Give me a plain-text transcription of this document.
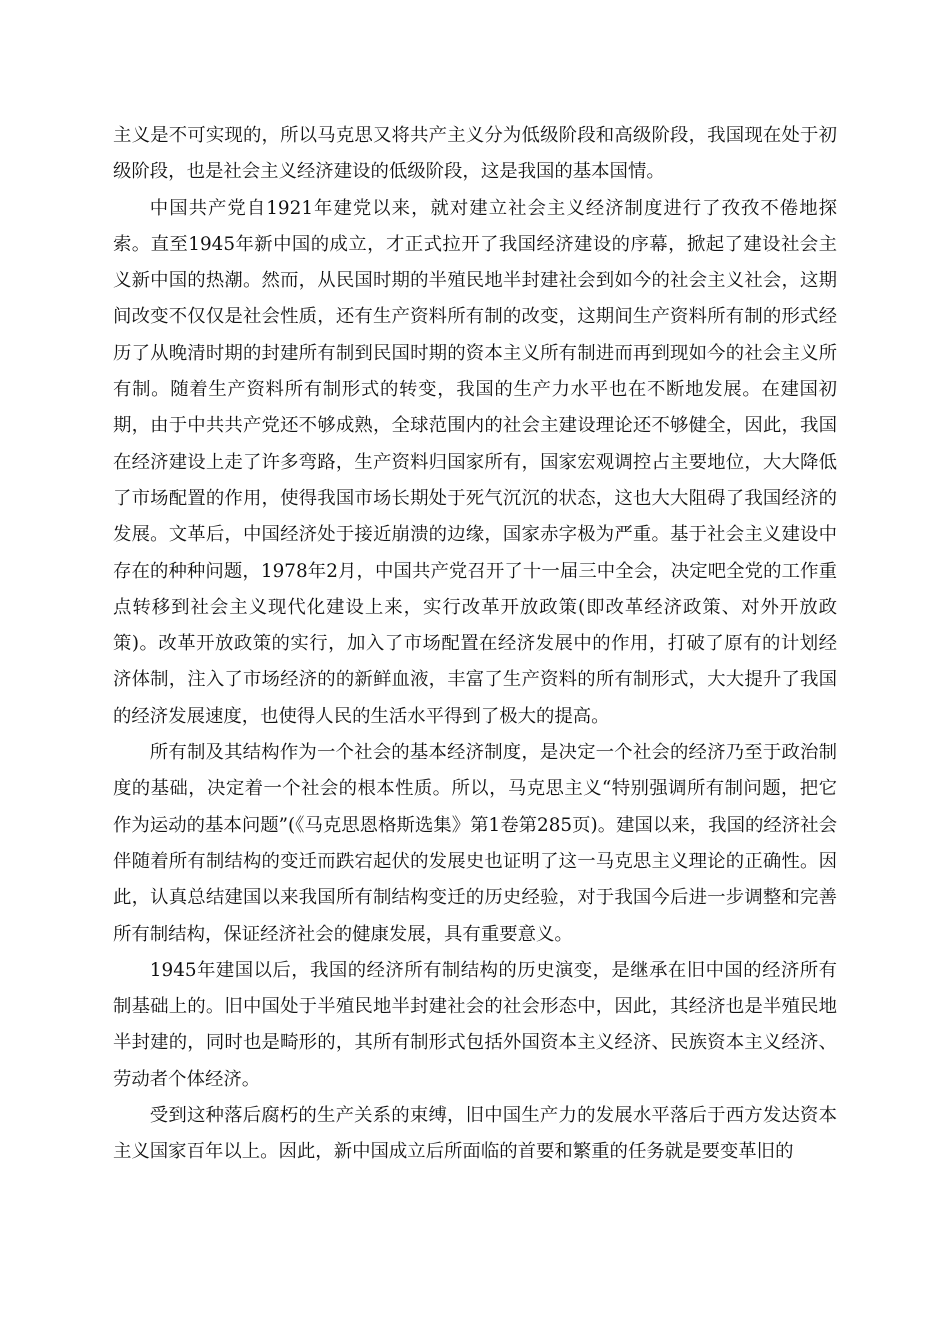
主义是不可实现的，所以马克思又将共产主义分为低级阶段和高级阶段，我国现在处于初级阶段，也是社会主义经济建设的低级阶段，这是我国的基本国情。

中国共产党自1921年建党以来，就对建立社会主义经济制度进行了孜孜不倦地探索。直至1945年新中国的成立，才正式拉开了我国经济建设的序幕，掀起了建设社会主义新中国的热潮。然而，从民国时期的半殖民地半封建社会到如今的社会主义社会，这期间改变不仅仅是社会性质，还有生产资料所有制的改变，这期间生产资料所有制的形式经历了从晚清时期的封建所有制到民国时期的资本主义所有制进而再到现如今的社会主义所有制。随着生产资料所有制形式的转变，我国的生产力水平也在不断地发展。在建国初期，由于中共共产党还不够成熟，全球范围内的社会主建设理论还不够健全，因此，我国在经济建设上走了许多弯路，生产资料归国家所有，国家宏观调控占主要地位，大大降低了市场配置的作用，使得我国市场长期处于死气沉沉的状态，这也大大阻碍了我国经济的发展。文革后，中国经济处于接近崩溃的边缘，国家赤字极为严重。基于社会主义建设中存在的种种问题，1978年2月，中国共产党召开了十一届三中全会，决定吧全党的工作重点转移到社会主义现代化建设上来，实行改革开放政策(即改革经济政策、对外开放政策)。改革开放政策的实行，加入了市场配置在经济发展中的作用，打破了原有的计划经济体制，注入了市场经济的的新鲜血液，丰富了生产资料的所有制形式，大大提升了我国的经济发展速度，也使得人民的生活水平得到了极大的提高。

所有制及其结构作为一个社会的基本经济制度，是决定一个社会的经济乃至于政治制度的基础，决定着一个社会的根本性质。所以，马克思主义“特别强调所有制问题，把它作为运动的基本问题”(《马克思恩格斯选集》第1卷第285页)。建国以来，我国的经济社会伴随着所有制结构的变迁而跌宕起伏的发展史也证明了这一马克思主义理论的正确性。因此，认真总结建国以来我国所有制结构变迁的历史经验，对于我国今后进一步调整和完善所有制结构，保证经济社会的健康发展，具有重要意义。

1945年建国以后，我国的经济所有制结构的历史演变，是继承在旧中国的经济所有制基础上的。旧中国处于半殖民地半封建社会的社会形态中，因此，其经济也是半殖民地半封建的，同时也是畸形的，其所有制形式包括外国资本主义经济、民族资本主义经济、劳动者个体经济。

受到这种落后腐朽的生产关系的束缚，旧中国生产力的发展水平落后于西方发达资本主义国家百年以上。因此，新中国成立后所面临的首要和繁重的任务就是要变革旧的
